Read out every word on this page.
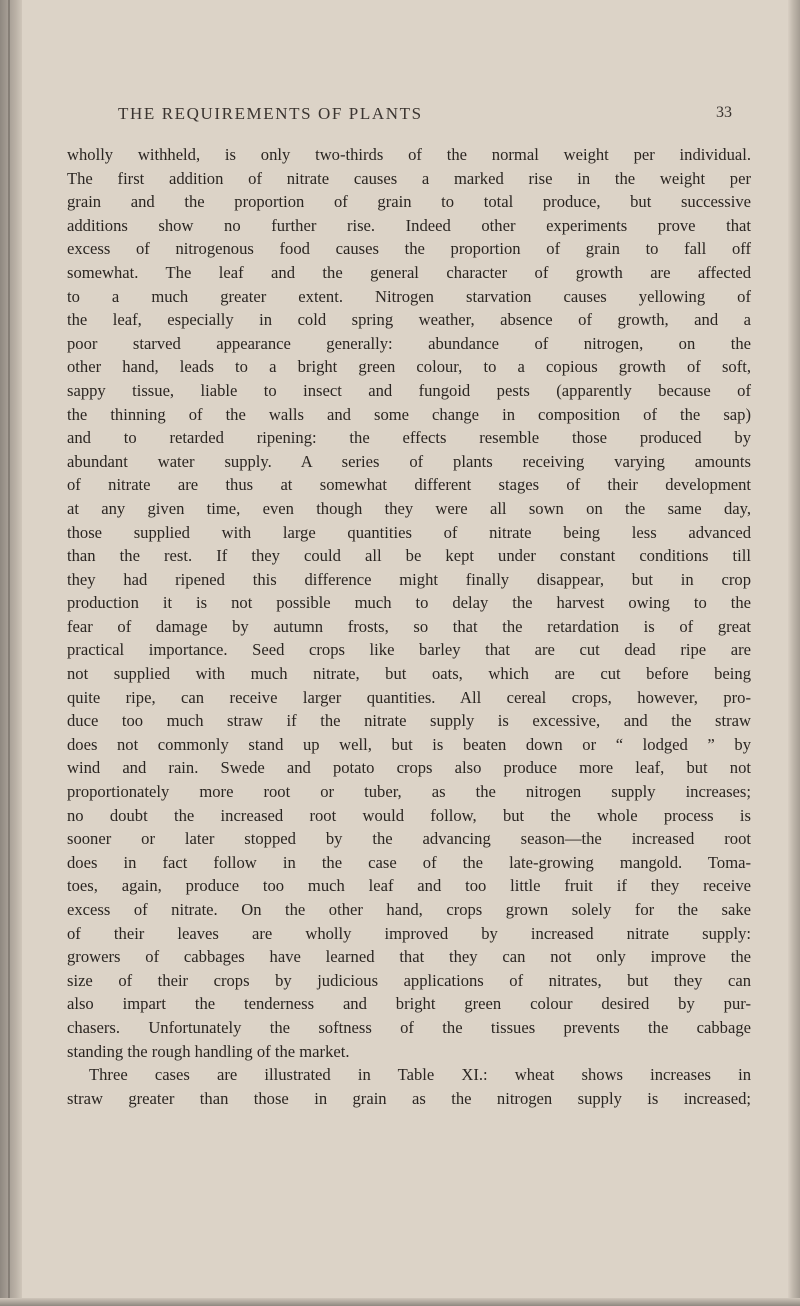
THE REQUIREMENTS OF PLANTS	33
wholly withheld, is only two-thirds of the normal weight per individual.
The first addition of nitrate causes a marked rise in the weight per
grain and the proportion of grain to total produce, but successive
additions show no further rise. Indeed other experiments prove that
excess of nitrogenous food causes the proportion of grain to fall off
somewhat. The leaf and the general character of growth are affected
to a much greater extent. Nitrogen starvation causes yellowing of
the leaf, especially in cold spring weather, absence of growth, and a
poor starved appearance generally: abundance of nitrogen, on the
other hand, leads to a bright green colour, to a copious growth of soft,
sappy tissue, liable to insect and fungoid pests (apparently because of
the thinning of the walls and some change in composition of the sap)
and to retarded ripening: the effects resemble those produced by
abundant water supply. A series of plants receiving varying amounts
of nitrate are thus at somewhat different stages of their development
at any given time, even though they were all sown on the same day,
those supplied with large quantities of nitrate being less advanced
than the rest. If they could all be kept under constant conditions till
they had ripened this difference might finally disappear, but in crop
production it is not possible much to delay the harvest owing to the
fear of damage by autumn frosts, so that the retardation is of great
practical importance. Seed crops like barley that are cut dead ripe are
not supplied with much nitrate, but oats, which are cut before being
quite ripe, can receive larger quantities. All cereal crops, however, pro-
duce too much straw if the nitrate supply is excessive, and the straw
does not commonly stand up well, but is beaten down or “ lodged ” by
wind and rain. Swede and potato crops also produce more leaf, but not
proportionately more root or tuber, as the nitrogen supply increases;
no doubt the increased root would follow, but the whole process is
sooner or later stopped by the advancing season—the increased root
does in fact follow in the case of the late-growing mangold. Toma-
toes, again, produce too much leaf and too little fruit if they receive
excess of nitrate. On the other hand, crops grown solely for the sake
of their leaves are wholly improved by increased nitrate supply:
growers of cabbages have learned that they can not only improve the
size of their crops by judicious applications of nitrates, but they can
also impart the tenderness and bright green colour desired by pur-
chasers. Unfortunately the softness of the tissues prevents the cabbage
standing the rough handling of the market.
Three cases are illustrated in Table XI.: wheat shows increases in
straw greater than those in grain as the nitrogen supply is increased;
